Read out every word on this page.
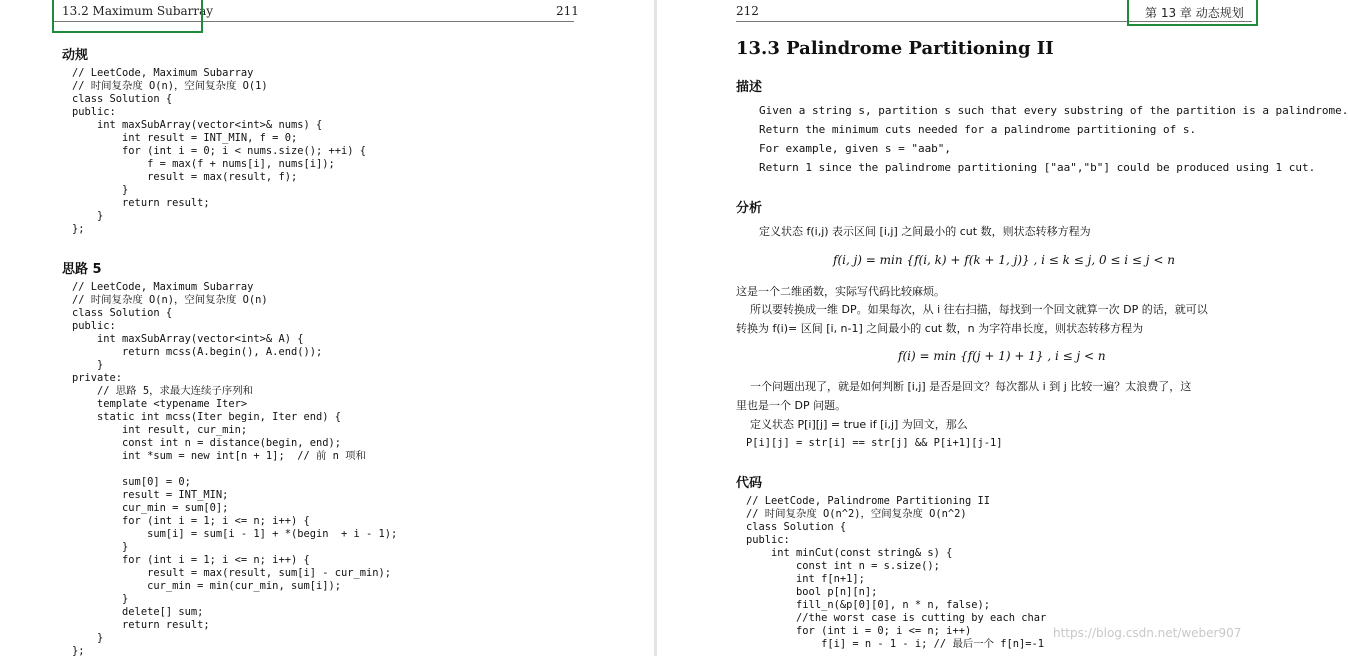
13.2 Maximum Subarray	211
动规
// LeetCode, Maximum Subarray
// 时间复杂度 O(n)，空间复杂度 O(1)
class Solution {
public:
int maxSubArray(vector<int>& nums) {
int result = INT_MIN, f = 0;
for (int i = 0; i < nums.size(); ++i) {
f = max(f + nums[i], nums[i]);
result = max(result, f);
}
return result;
}
};
思路 5
// LeetCode, Maximum Subarray
// 时间复杂度 O(n)，空间复杂度 O(n)
class Solution {
public:
int maxSubArray(vector<int>& A) {
return mcss(A.begin(), A.end());
}
private:
// 思路 5，求最大连续子序列和
template <typename Iter>
static int mcss(Iter begin, Iter end) {
int result, cur_min;
const int n = distance(begin, end);
int *sum = new int[n + 1];  // 前 n 项和

sum[0] = 0;
result = INT_MIN;
cur_min = sum[0];
for (int i = 1; i <= n; i++) {
sum[i] = sum[i - 1] + *(begin  + i - 1);
}
for (int i = 1; i <= n; i++) {
result = max(result, sum[i] - cur_min);
cur_min = min(cur_min, sum[i]);
}
delete[] sum;
return result;
}
};
212	第 13 章 动态规划
13.3 Palindrome Partitioning II
描述
Given a string s, partition s such that every substring of the partition is a palindrome.
Return the minimum cuts needed for a palindrome partitioning of s.
For example, given s = "aab",
Return 1 since the palindrome partitioning ["aa","b"] could be produced using 1 cut.
分析
定义状态 f(i,j) 表示区间 [i,j] 之间最小的 cut 数，则状态转移方程为
f(i, j) = min {f(i, k) + f(k + 1, j)} , i ≤ k ≤ j, 0 ≤ i ≤ j < n
这是一个二维函数，实际写代码比较麻烦。
所以要转换成一维 DP。如果每次，从 i 往右扫描，每找到一个回文就算一次 DP 的话，就可以
转换为 f(i)= 区间 [i, n-1] 之间最小的 cut 数，n 为字符串长度，则状态转移方程为
f(i) = min {f(j + 1) + 1} , i ≤ j < n
一个问题出现了，就是如何判断 [i,j] 是否是回文？每次都从 i 到 j 比较一遍？太浪费了，这
里也是一个 DP 问题。
定义状态 P[i][j] = true if [i,j] 为回文，那么
P[i][j] = str[i] == str[j] && P[i+1][j-1]
代码
// LeetCode, Palindrome Partitioning II
// 时间复杂度 O(n^2)，空间复杂度 O(n^2)
class Solution {
public:
int minCut(const string& s) {
const int n = s.size();
int f[n+1];
bool p[n][n];
fill_n(&p[0][0], n * n, false);
//the worst case is cutting by each char
for (int i = 0; i <= n; i++)
f[i] = n - 1 - i; // 最后一个 f[n]=-1
https://blog.csdn.net/weber907
